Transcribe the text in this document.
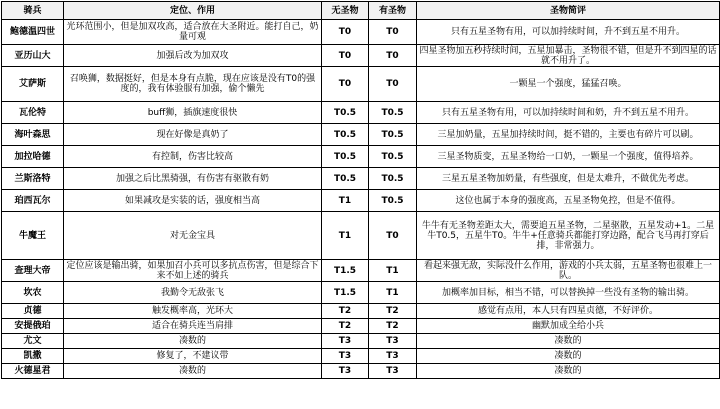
骑兵	定位、作用	无圣物	有圣物	圣物简评
鲍德温四世	光环范围小，但是加双攻高，适合放在大圣附近。能打自己，奶量可观	T0	T0	只有五星圣物有用，可以加持续时间，升不到五星不用升。
亚历山大	加强后改为加双攻	T0	T0	四星圣物加五秒持续时间，五星加暴击，圣物很不错，但是升不到四星的话就不用升了。
艾萨斯	召唤狮，数据挺好，但是本身有点脆，现在应该是没有T0的强度的，我有体验服有加强，偷个懒先	T0	T0	一颗星一个强度，猛猛召唤。
瓦伦特	buff狮，插旗速度很快	T0.5	T0.5	只有五星圣物有用，可以加持续时间和奶，升不到五星不用升。
海叶森思	现在好像是真奶了	T0.5	T0.5	三星加奶量，五星加持续时间，挺不错的，主要也有碎片可以刷。
加拉哈德	有控制，伤害比较高	T0.5	T0.5	三星圣物质变，五星圣物给一口奶，一颗星一个强度，值得培养。
兰斯洛特	加强之后比黑骑强，有伤害有驱散有奶	T0.5	T0.5	三星五星圣物加奶量，有些强度，但是太难升，不做优先考虑。
珀西瓦尔	如果减攻是实装的话，强度相当高	T1	T0.5	这位也属于本身的强度高，五星圣物免控，但是不值得。
牛魔王	对无金宝具	T1	T0	牛牛有无圣物差距太大，需要追五星圣物，二星驱散，五星发动+1。二星牛T0.5，五星牛T0。牛牛+任意骑兵都能打穿边路，配合飞马再打穿后排，非常强力。
查理大帝	定位应该是输出骑，如果加召小兵可以多抗点伤害，但是综合下来不如上述的骑兵	T1.5	T1	看起来强无敌，实际没什么作用，游戏的小兵太弱，五星圣物也很难上一队。
坎农	我勤令无敌张飞	T1.5	T1	加概率加目标，相当不错，可以替换掉一些没有圣物的输出骑。
贞德	触发概率高，光环大	T2	T2	感觉有点用，本人只有四星贞德，不好评价。
安提俄珀	适合在骑兵连当肩排	T2	T2	幽默加成全给小兵
尤文	凑数的	T3	T3	凑数的
凯撒	修复了，不建议带	T3	T3	凑数的
火德星君	凑数的	T3	T3	凑数的
